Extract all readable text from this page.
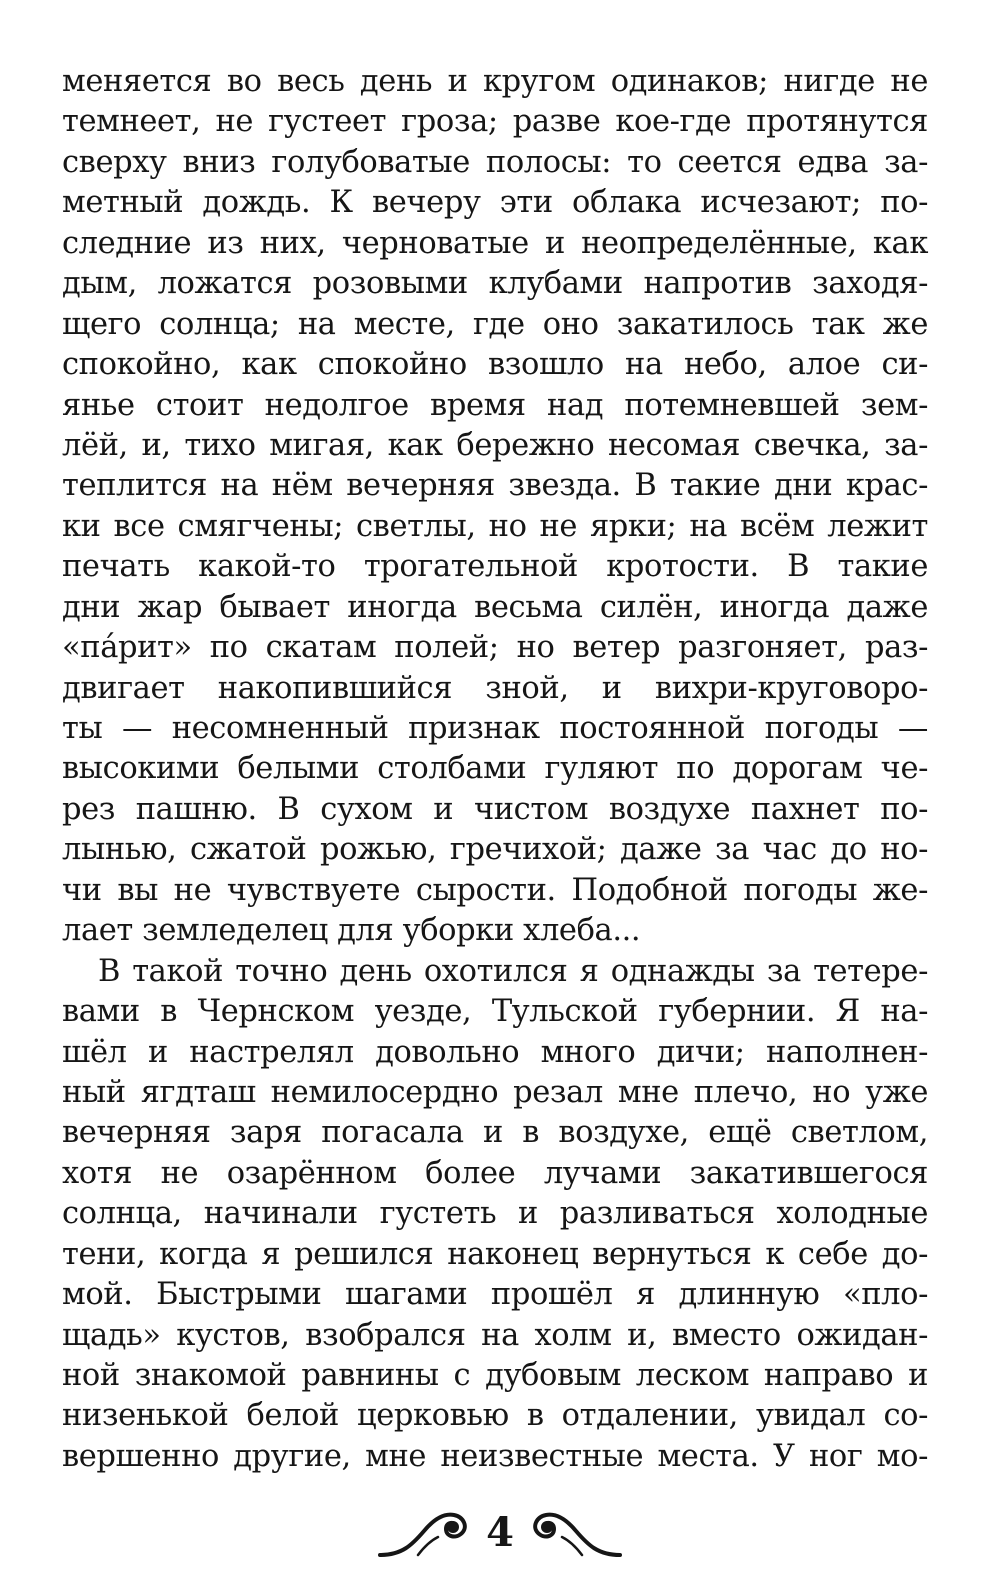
меняется во весь день и кругом одинаков; нигде не
темнеет, не густеет гроза; разве кое-где протянутся
сверху вниз голубоватые полосы: то сеется едва за-
метный дождь. К вечеру эти облака исчезают; по-
следние из них, черноватые и неопределённые, как
дым, ложатся розовыми клубами напротив заходя-
щего солнца; на месте, где оно закатилось так же
спокойно, как спокойно взошло на небо, алое си-
янье стоит недолгое время над потемневшей зем-
лёй, и, тихо мигая, как бережно несомая свечка, за-
теплится на нём вечерняя звезда. В такие дни крас-
ки все смягчены; светлы, но не ярки; на всём лежит
печать какой-то трогательной кротости. В такие
дни жар бывает иногда весьма силён, иногда даже
«па́рит» по скатам полей; но ветер разгоняет, раз-
двигает накопившийся зной, и вихри-круговоро-
ты — несомненный признак постоянной погоды —
высокими белыми столбами гуляют по дорогам че-
рез пашню. В сухом и чистом воздухе пахнет по-
лынью, сжатой рожью, гречихой; даже за час до но-
чи вы не чувствуете сырости. Подобной погоды же-
лает земледелец для уборки хлеба...
В такой точно день охотился я однажды за тетере-
вами в Чернском уезде, Тульской губернии. Я на-
шёл и настрелял довольно много дичи; наполнен-
ный ягдташ немилосердно резал мне плечо, но уже
вечерняя заря погасала и в воздухе, ещё светлом,
хотя не озарённом более лучами закатившегося
солнца, начинали густеть и разливаться холодные
тени, когда я решился наконец вернуться к себе до-
мой. Быстрыми шагами прошёл я длинную «пло-
щадь» кустов, взобрался на холм и, вместо ожидан-
ной знакомой равнины с дубовым леском направо и
низенькой белой церковью в отдалении, увидал со-
вершенно другие, мне неизвестные места. У ног мо-
4
